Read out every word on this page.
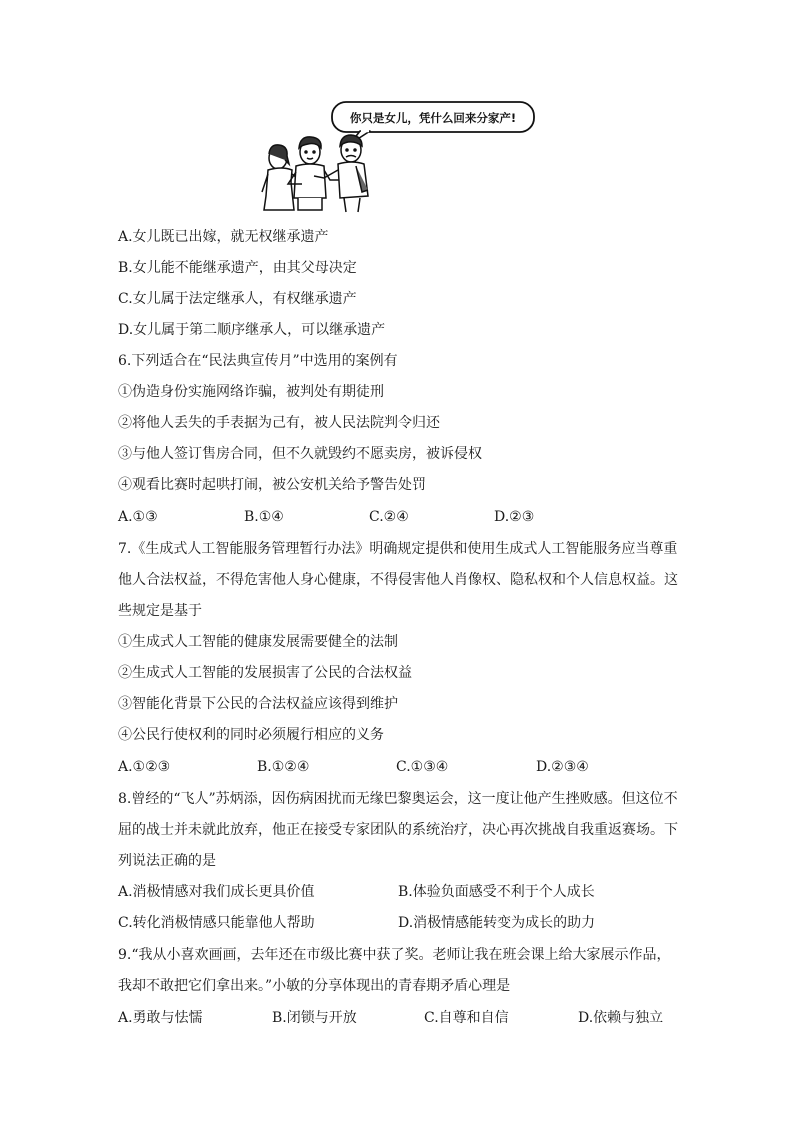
你只是女儿，凭什么回来分家产!
A.女儿既已出嫁，就无权继承遗产
B.女儿能不能继承遗产，由其父母决定
C.女儿属于法定继承人，有权继承遗产
D.女儿属于第二顺序继承人，可以继承遗产
6.下列适合在“民法典宣传月”中选用的案例有
①伪造身份实施网络诈骗，被判处有期徒刑
②将他人丢失的手表据为己有，被人民法院判令归还
③与他人签订售房合同，但不久就毁约不愿卖房，被诉侵权
④观看比赛时起哄打闹，被公安机关给予警告处罚
A.①③	B.①④	C.②④	D.②③
7.《生成式人工智能服务管理暂行办法》明确规定提供和使用生成式人工智能服务应当尊重
他人合法权益，不得危害他人身心健康，不得侵害他人肖像权、隐私权和个人信息权益。这
些规定是基于
①生成式人工智能的健康发展需要健全的法制
②生成式人工智能的发展损害了公民的合法权益
③智能化背景下公民的合法权益应该得到维护
④公民行使权利的同时必须履行相应的义务
A.①②③	B.①②④	C.①③④	D.②③④
8.曾经的“飞人”苏炳添，因伤病困扰而无缘巴黎奥运会，这一度让他产生挫败感。但这位不
屈的战士并未就此放弃，他正在接受专家团队的系统治疗，决心再次挑战自我重返赛场。下
列说法正确的是
A.消极情感对我们成长更具价值	B.体验负面感受不利于个人成长
C.转化消极情感只能靠他人帮助	D.消极情感能转变为成长的助力
9.“我从小喜欢画画，去年还在市级比赛中获了奖。老师让我在班会课上给大家展示作品，
我却不敢把它们拿出来。”小敏的分享体现出的青春期矛盾心理是
A.勇敢与怯懦	B.闭锁与开放	C.自尊和自信	D.依赖与独立
